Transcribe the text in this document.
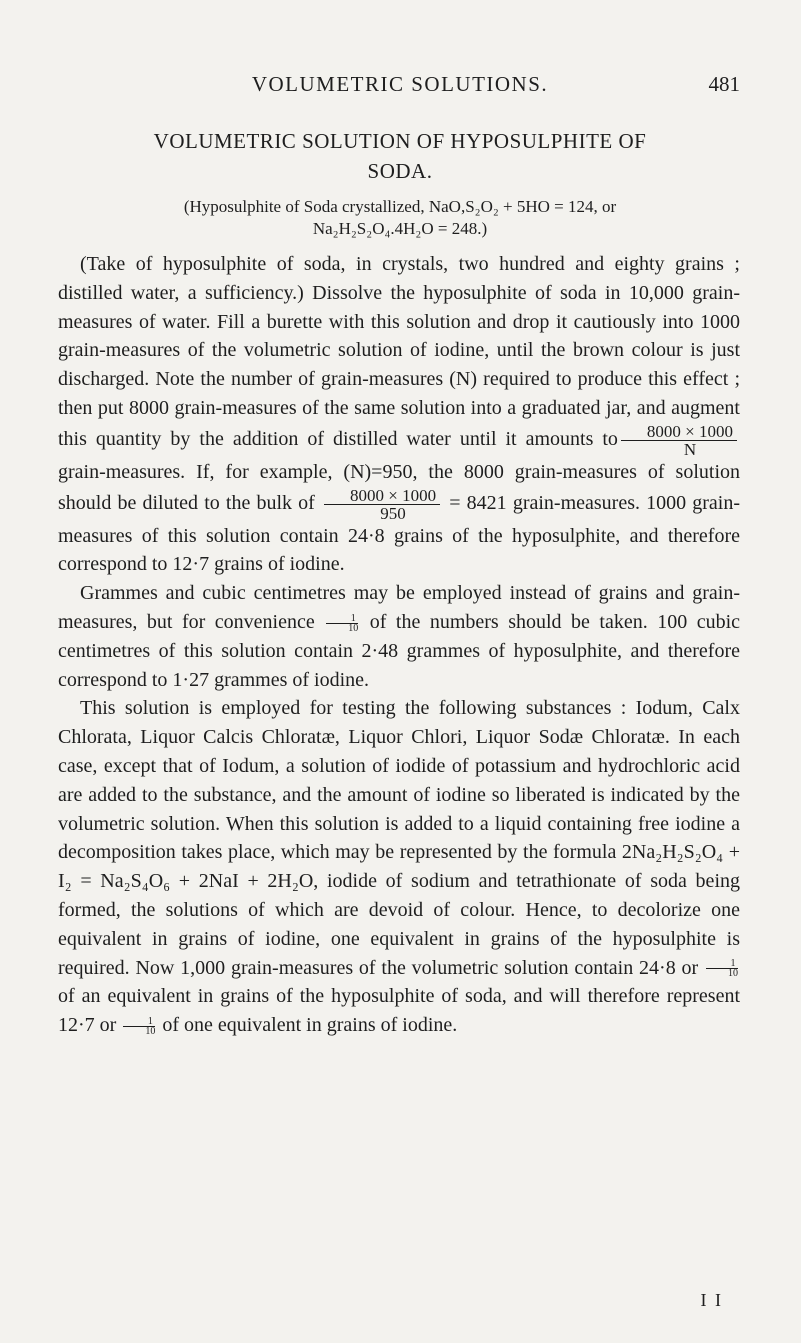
VOLUMETRIC SOLUTIONS.	481
VOLUMETRIC SOLUTION OF HYPOSULPHITE OF
SODA.
(Hyposulphite of Soda crystallized, NaO,S₂O₂ + 5HO = 124, or
Na₂H₂S₂O₄.4H₂O = 248.)

(Take of hyposulphite of soda, in crystals, two hundred and eighty grains ; distilled water, a sufficiency.) Dissolve the hyposulphite of soda in 10,000 grain-measures of water. Fill a burette with this solution and drop it cautiously into 1000 grain-measures of the volumetric solution of iodine, until the brown colour is just discharged. Note the number of grain-measures (N) required to produce this effect ; then put 8000 grain-measures of the same solution into a graduated jar, and augment this quantity by the addition of distilled water until it amounts to $\frac{8000 \times 1000}{N}$
grain-measures. If, for example, (N)=950, the 8000 grain-measures of solution should be diluted to the bulk of $\frac{8000 \times 1000}{950} = 8421$ grain-measures. 1000 grain-measures of this solution contain 24·8 grains of the hyposulphite, and therefore correspond to 12·7 grains of iodine.

Grammes and cubic centimetres may be employed instead of grains and grain-measures, but for convenience $\frac{1}{10}$ of the numbers should be taken. 100 cubic centimetres of this solution contain 2·48 grammes of hyposulphite, and therefore correspond to 1·27 grammes of iodine.

This solution is employed for testing the following substances : Iodum, Calx Chlorata, Liquor Calcis Chloratæ, Liquor Chlori, Liquor Sodæ Chloratæ. In each case, except that of Iodum, a solution of iodide of potassium and hydrochloric acid are added to the substance, and the amount of iodine so liberated is indicated by the volumetric solution. When this solution is added to a liquid containing free iodine a decomposition takes place, which may be represented by the formula 2Na₂H₂S₂O₄ + I₂ = Na₂S₄O₆ + 2NaI + 2H₂O, iodide of sodium and tetrathionate of soda being formed, the solutions of which are devoid of colour. Hence, to decolorize one equivalent in grains of iodine, one equivalent in grains of the hyposulphite is required. Now 1,000 grain-measures of the volumetric solution contain 24·8 or $\frac{1}{10}$
of an equivalent in grains of the hyposulphite of soda, and will therefore represent 12·7 or $\frac{1}{10}$ of one equivalent in grains of iodine.

I I
